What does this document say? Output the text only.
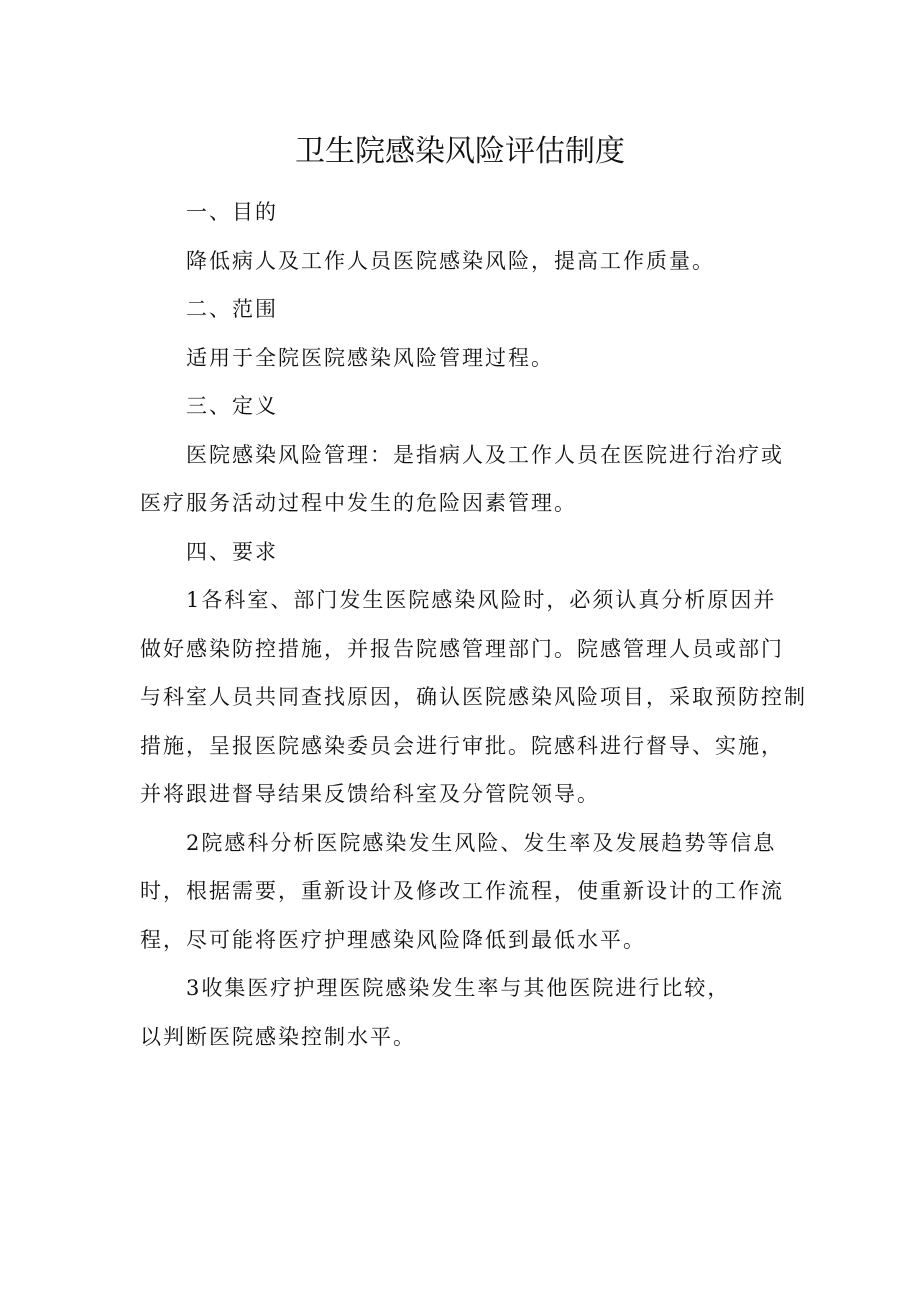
卫生院感染风险评估制度
一、目的
降低病人及工作人员医院感染风险，提高工作质量。
二、范围
适用于全院医院感染风险管理过程。
三、定义
医院感染风险管理：是指病人及工作人员在医院进行治疗或
医疗服务活动过程中发生的危险因素管理。
四、要求
1各科室、部门发生医院感染风险时，必须认真分析原因并
做好感染防控措施，并报告院感管理部门。院感管理人员或部门
与科室人员共同查找原因，确认医院感染风险项目，采取预防控制
措施，呈报医院感染委员会进行审批。院感科进行督导、实施，
并将跟进督导结果反馈给科室及分管院领导。
2院感科分析医院感染发生风险、发生率及发展趋势等信息
时，根据需要，重新设计及修改工作流程，使重新设计的工作流
程，尽可能将医疗护理感染风险降低到最低水平。
3收集医疗护理医院感染发生率与其他医院进行比较，
以判断医院感染控制水平。
